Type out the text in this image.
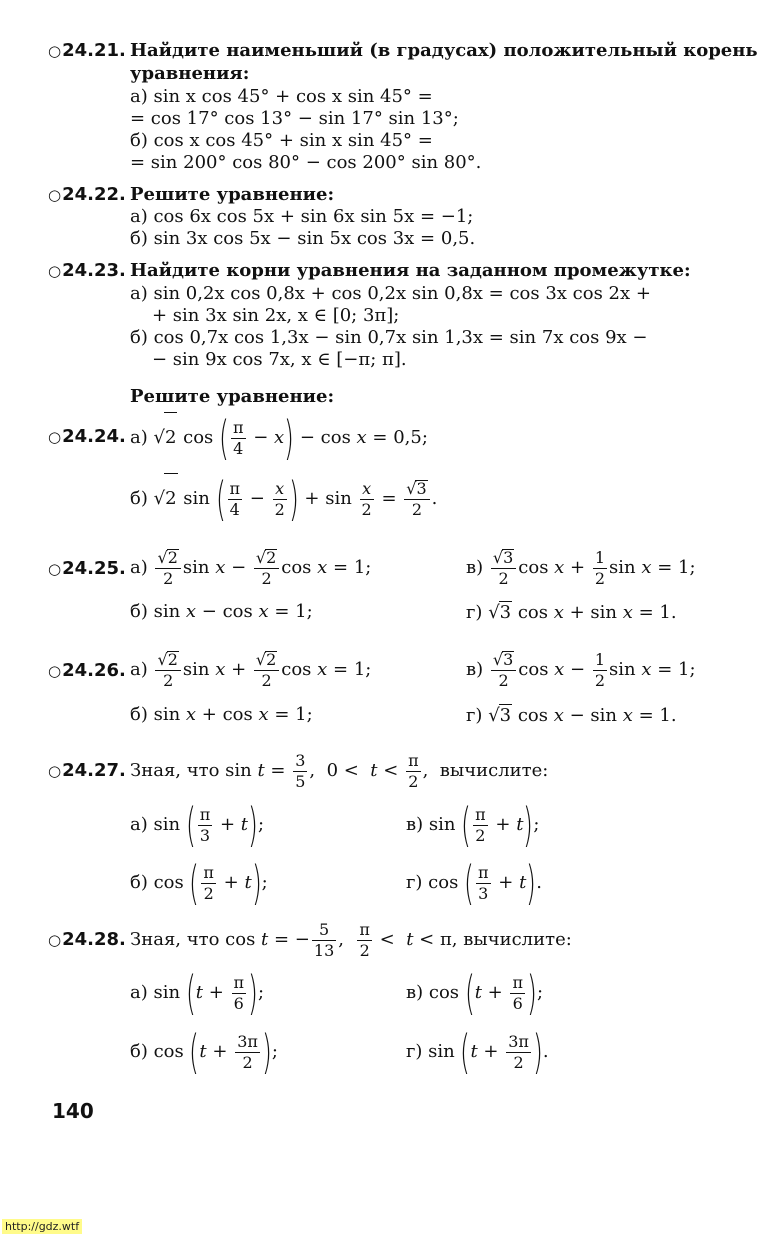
○24.21. Найдите наименьший (в градусах) положительный корень
уравнения:
а) sin x cos 45° + cos x sin 45° =
= cos 17° cos 13° − sin 17° sin 13°;
б) cos x cos 45° + sin x sin 45° =
= sin 200° cos 80° − cos 200° sin 80°.
○24.22. Решите уравнение:
а) cos 6x cos 5x + sin 6x sin 5x = −1;
б) sin 3x cos 5x − sin 5x cos 3x = 0,5.
○24.23. Найдите корни уравнения на заданном промежутке:
а) sin 0,2x cos 0,8x + cos 0,2x sin 0,8x = cos 3x cos 2x +
+ sin 3x sin 2x, x ∈ [0; 3π];
б) cos 0,7x cos 1,3x − sin 0,7x sin 1,3x = sin 7x cos 9x −
− sin 9x cos 7x, x ∈ [−π; π].
Решите уравнение:
○24.24. а) √2 cos ( $\frac{\pi}{4} - x) - \cos x = 0,5$;
б) √2 sin ( $\frac{\pi}{4} - \frac{x}{2}$ ) + $\sin \frac{x}{2} = \frac{√3}{2}$ .
○24.25. $а) \frac{√2}{2}$ $\sin x - \frac{√2}{2}$ cos x = 1;	$в) \frac{√3}{2}$ $\cos x + \frac{1}{2}$ sin x = 1;
б) sin x − cos x = 1;	г) √3 cos x + sin x = 1.
○24.26. $а) \frac{√2}{2}$ $\sin x + \frac{√2}{2}$ cos x = 1;	$в) \frac{√3}{2}$ $\cos x - \frac{1}{2}$ sin x = 1;
б) sin x + cos x = 1;	г) √3 cos x − sin x = 1.
○24.27. Зная, что $\sin t = \frac{3}{5}$ ,  $0 < t < \frac{\pi}{2}$ ,  вычислите:
а) sin ( $\frac{\pi}{3} + t$);	в) sin ( $\frac{\pi}{2} + t$);
б) cos ( $\frac{\pi}{2} + t$);	г) cos ( $\frac{\pi}{3} + t$).
○24.28. Зная, что cos t = − $\frac{5}{13}$ , $\frac{\pi}{2} < t < \pi$, вычислите:
а) $\sin (t + \frac{\pi}{6}$ );	в) $\cos (t + \frac{\pi}{6}$ );
б) $\cos (t + \frac{3\pi}{2}$ );	г) $\sin (t + \frac{3\pi}{2}$ ).
140
http://gdz.wtf
